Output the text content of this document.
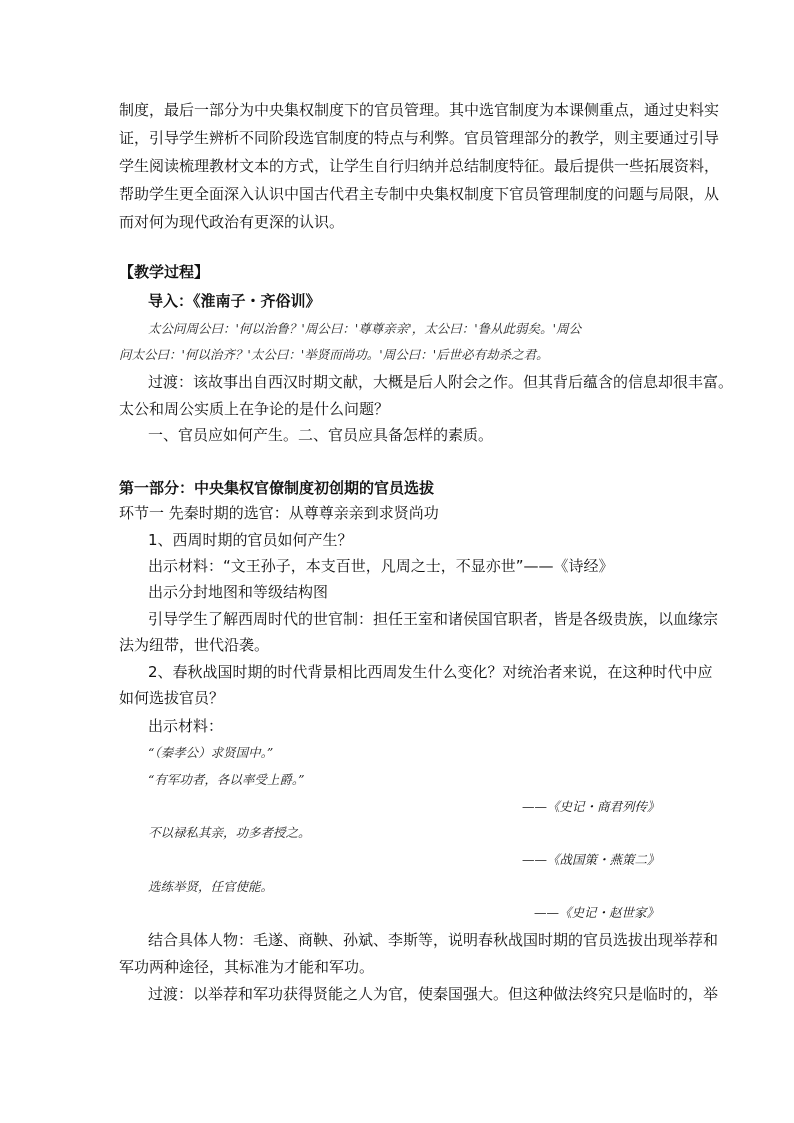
制度，最后一部分为中央集权制度下的官员管理。其中选官制度为本课侧重点，通过史料实
证，引导学生辨析不同阶段选官制度的特点与利弊。官员管理部分的教学，则主要通过引导
学生阅读梳理教材文本的方式，让学生自行归纳并总结制度特征。最后提供一些拓展资料，
帮助学生更全面深入认识中国古代君主专制中央集权制度下官员管理制度的问题与局限，从
而对何为现代政治有更深的认识。
【教学过程】
导入：《淮南子・齐俗训》
太公问周公曰：'何以治鲁？'周公曰：'尊尊亲亲'，太公曰：'鲁从此弱矣。'周公
问太公曰：'何以治齐？'太公曰：'举贤而尚功。'周公曰：'后世必有劫杀之君。
过渡：该故事出自西汉时期文献，大概是后人附会之作。但其背后蕴含的信息却很丰富。
太公和周公实质上在争论的是什么问题？
一、官员应如何产生。二、官员应具备怎样的素质。
第一部分：中央集权官僚制度初创期的官员选拔
环节一 先秦时期的选官：从尊尊亲亲到求贤尚功
1、西周时期的官员如何产生？
出示材料：“文王孙子，本支百世，凡周之士，不显亦世”——《诗经》
出示分封地图和等级结构图
引导学生了解西周时代的世官制：担任王室和诸侯国官职者，皆是各级贵族，以血缘宗
法为纽带，世代沿袭。
2、春秋战国时期的时代背景相比西周发生什么变化？对统治者来说，在这种时代中应
如何选拔官员？
出示材料：
“（秦孝公）求贤国中。”
“有军功者，各以率受上爵。”
——《史记・商君列传》
不以禄私其亲，功多者授之。
——《战国策・燕策二》
选练举贤，任官使能。
——《史记・赵世家》
结合具体人物：毛遂、商鞅、孙斌、李斯等，说明春秋战国时期的官员选拔出现举荐和
军功两种途径，其标准为才能和军功。
过渡：以举荐和军功获得贤能之人为官，使秦国强大。但这种做法终究只是临时的，举
